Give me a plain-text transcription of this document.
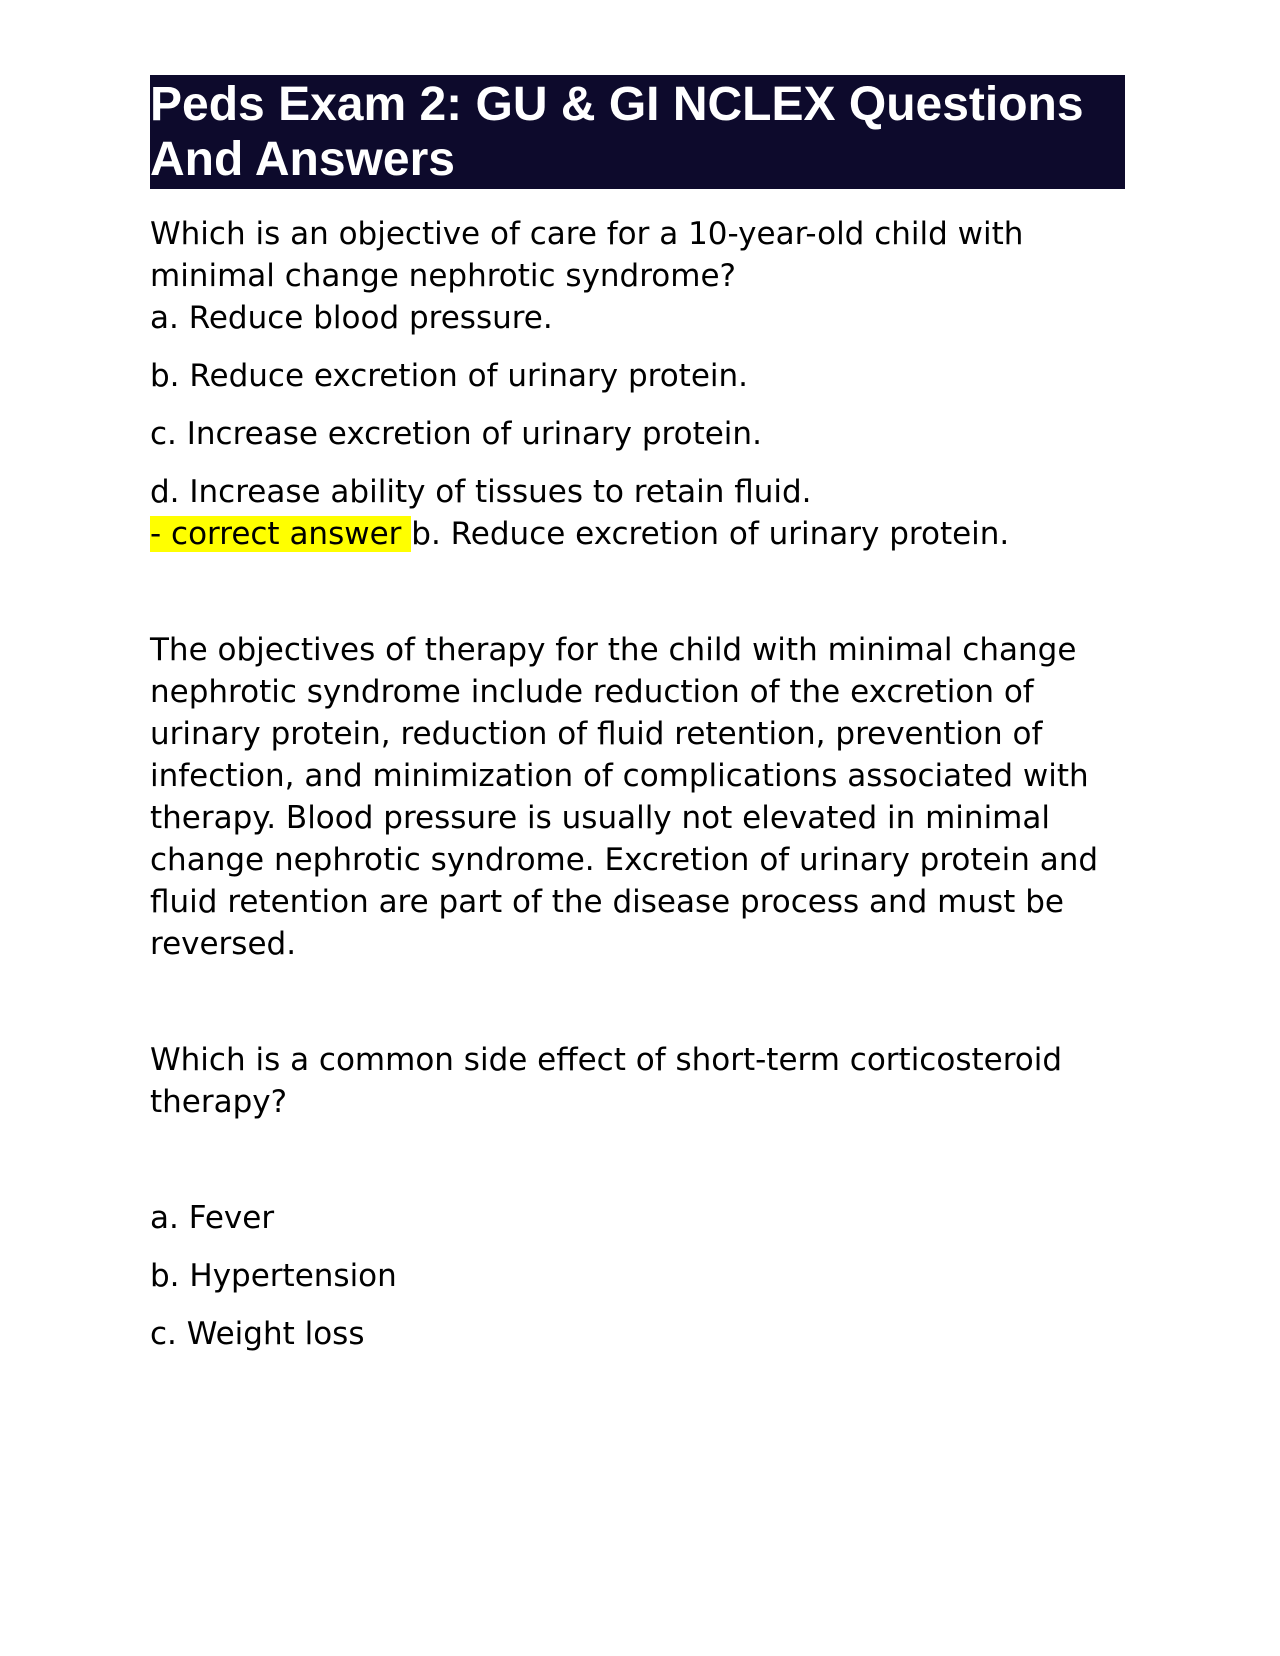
Peds Exam 2: GU & GI NCLEX Questions And Answers

Which is an objective of care for a 10-year-old child with minimal change nephrotic syndrome?

a. Reduce blood pressure.

b. Reduce excretion of urinary protein.

c. Increase excretion of urinary protein.

d. Increase ability of tissues to retain fluid.

- correct answer b. Reduce excretion of urinary protein.

The objectives of therapy for the child with minimal change nephrotic syndrome include reduction of the excretion of urinary protein, reduction of fluid retention, prevention of infection, and minimization of complications associated with therapy. Blood pressure is usually not elevated in minimal change nephrotic syndrome. Excretion of urinary protein and fluid retention are part of the disease process and must be reversed.

Which is a common side effect of short-term corticosteroid therapy?

a. Fever

b. Hypertension

c. Weight loss
